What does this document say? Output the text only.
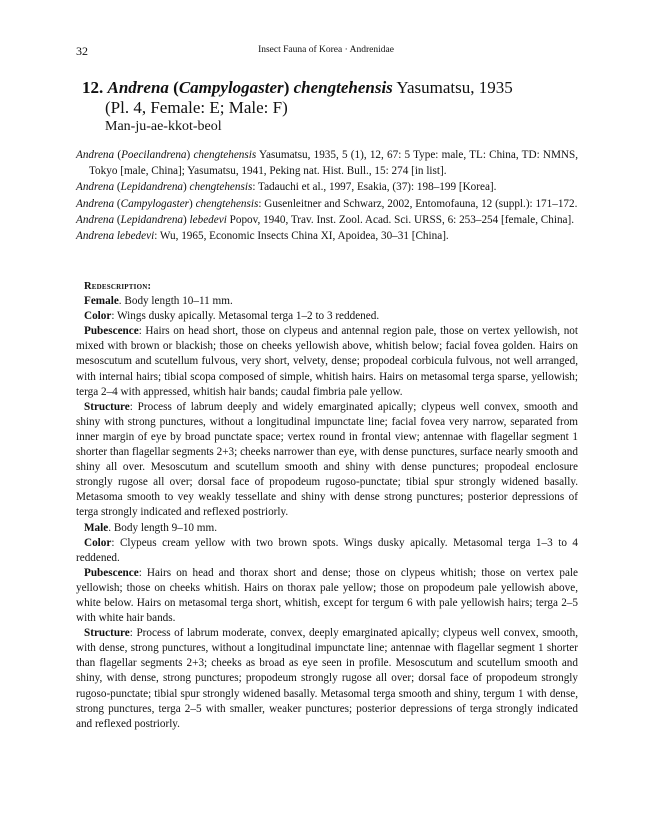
32	Insect Fauna of Korea · Andrenidae
12. Andrena (Campylogaster) chengtehensis Yasumatsu, 1935
(Pl. 4, Female: E; Male: F)
Man-ju-ae-kkot-beol

Andrena (Poecilandrena) chengtehensis Yasumatsu, 1935, 5 (1), 12, 67: 5 Type: male, TL: China, TD: NMNS, Tokyo [male, China]; Yasumatsu, 1941, Peking nat. Hist. Bull., 15: 274 [in list].

Andrena (Lepidandrena) chengtehensis: Tadauchi et al., 1997, Esakia, (37): 198–199 [Korea].

Andrena (Campylogaster) chengtehensis: Gusenleitner and Schwarz, 2002, Entomofauna, 12 (suppl.): 171–172.

Andrena (Lepidandrena) lebedevi Popov, 1940, Trav. Inst. Zool. Acad. Sci. URSS, 6: 253–254 [female, China].

Andrena lebedevi: Wu, 1965, Economic Insects China XI, Apoidea, 30–31 [China].

Redescription:

Female. Body length 10–11 mm.

Color: Wings dusky apically. Metasomal terga 1–2 to 3 reddened.

Pubescence: Hairs on head short, those on clypeus and antennal region pale, those on vertex yellowish, not mixed with brown or blackish; those on cheeks yellowish above, whitish below; facial fovea golden. Hairs on mesoscutum and scutellum fulvous, very short, velvety, dense; propodeal corbicula fulvous, not well arranged, with internal hairs; tibial scopa composed of simple, whitish hairs. Hairs on metasomal terga sparse, yellowish; terga 2–4 with appressed, whitish hair bands; caudal fimbria pale yellow.

Structure: Process of labrum deeply and widely emarginated apically; clypeus well convex, smooth and shiny with strong punctures, without a longitudinal impunctate line; facial fovea very narrow, separated from inner margin of eye by broad punctate space; vertex round in frontal view; antennae with flagellar segment 1 shorter than flagellar segments 2+3; cheeks narrower than eye, with dense punctures, surface nearly smooth and shiny all over. Mesoscutum and scutellum smooth and shiny with dense punctures; propodeal enclosure strongly rugose all over; dorsal face of propodeum rugoso-punctate; tibial spur strongly widened basally. Metasoma smooth to vey weakly tessellate and shiny with dense strong punctures; posterior depressions of terga strongly indicated and reflexed postriorly.

Male. Body length 9–10 mm.

Color: Clypeus cream yellow with two brown spots. Wings dusky apically. Metasomal terga 1–3 to 4 reddened.

Pubescence: Hairs on head and thorax short and dense; those on clypeus whitish; those on vertex pale yellowish; those on cheeks whitish. Hairs on thorax pale yellow; those on propodeum pale yellowish above, white below. Hairs on metasomal terga short, whitish, except for tergum 6 with pale yellowish hairs; terga 2–5 with white hair bands.

Structure: Process of labrum moderate, convex, deeply emarginated apically; clypeus well convex, smooth, with dense, strong punctures, without a longitudinal impunctate line; antennae with flagellar segment 1 shorter than flagellar segments 2+3; cheeks as broad as eye seen in profile. Mesoscutum and scutellum smooth and shiny, with dense, strong punctures; propodeum strongly rugose all over; dorsal face of propodeum strongly rugoso-punctate; tibial spur strongly widened basally. Metasomal terga smooth and shiny, tergum 1 with dense, strong punctures, terga 2–5 with smaller, weaker punctures; posterior depressions of terga strongly indicated and reflexed postriorly.
